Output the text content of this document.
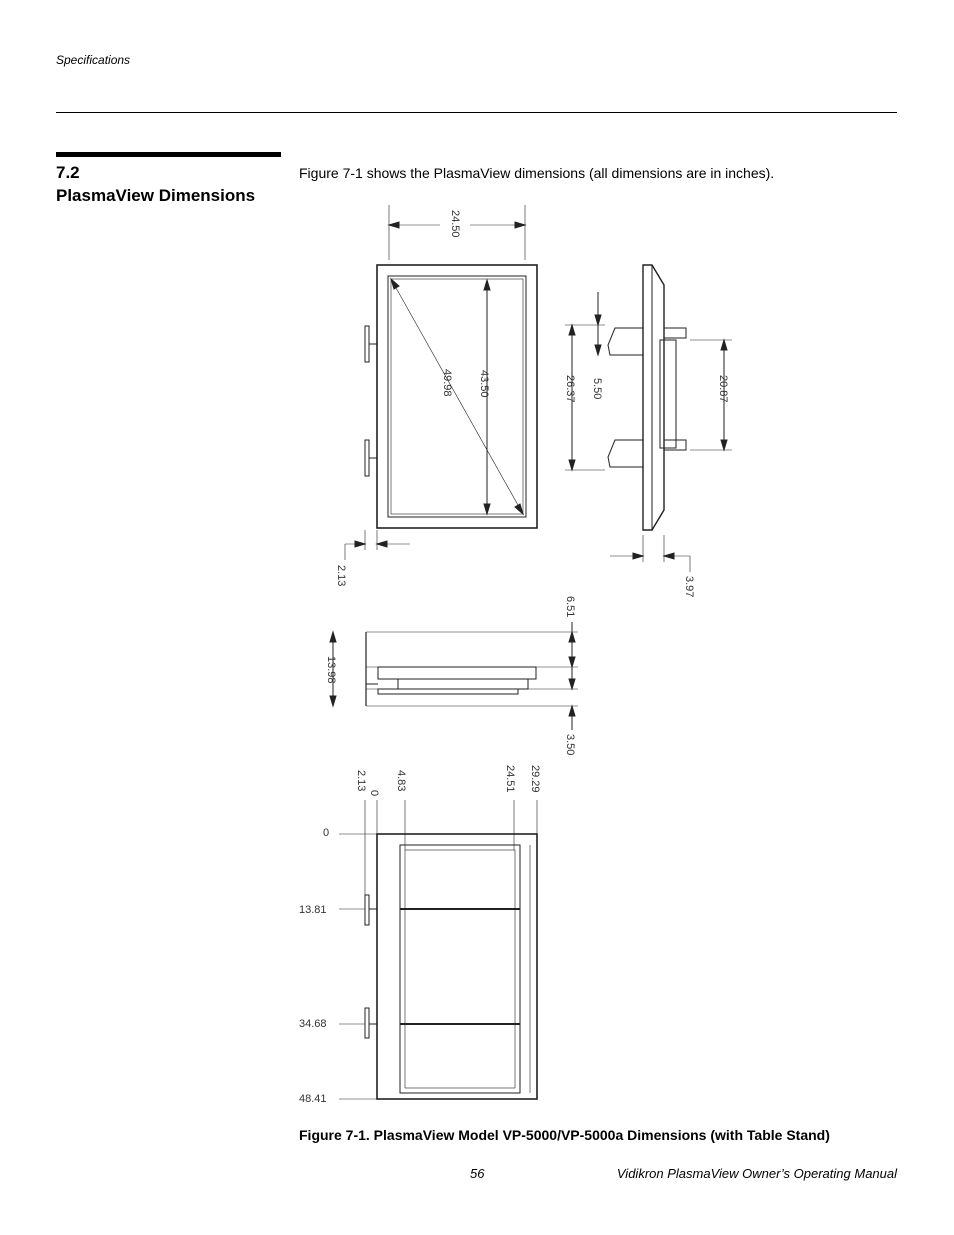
Specifications
7.2
PlasmaView Dimensions
Figure 7-1 shows the PlasmaView dimensions (all dimensions are in inches).
24.50
49.98 43.50
2.13
26.37 5.50	20.87
3.97
13.98
6.51
3.50
2.13
0
4.83	24.51 29.29
0
13.81
34.68
48.41
Figure 7-1. PlasmaView Model VP-5000/VP-5000a Dimensions (with Table Stand)
56	Vidikron PlasmaView Owner’s Operating Manual
